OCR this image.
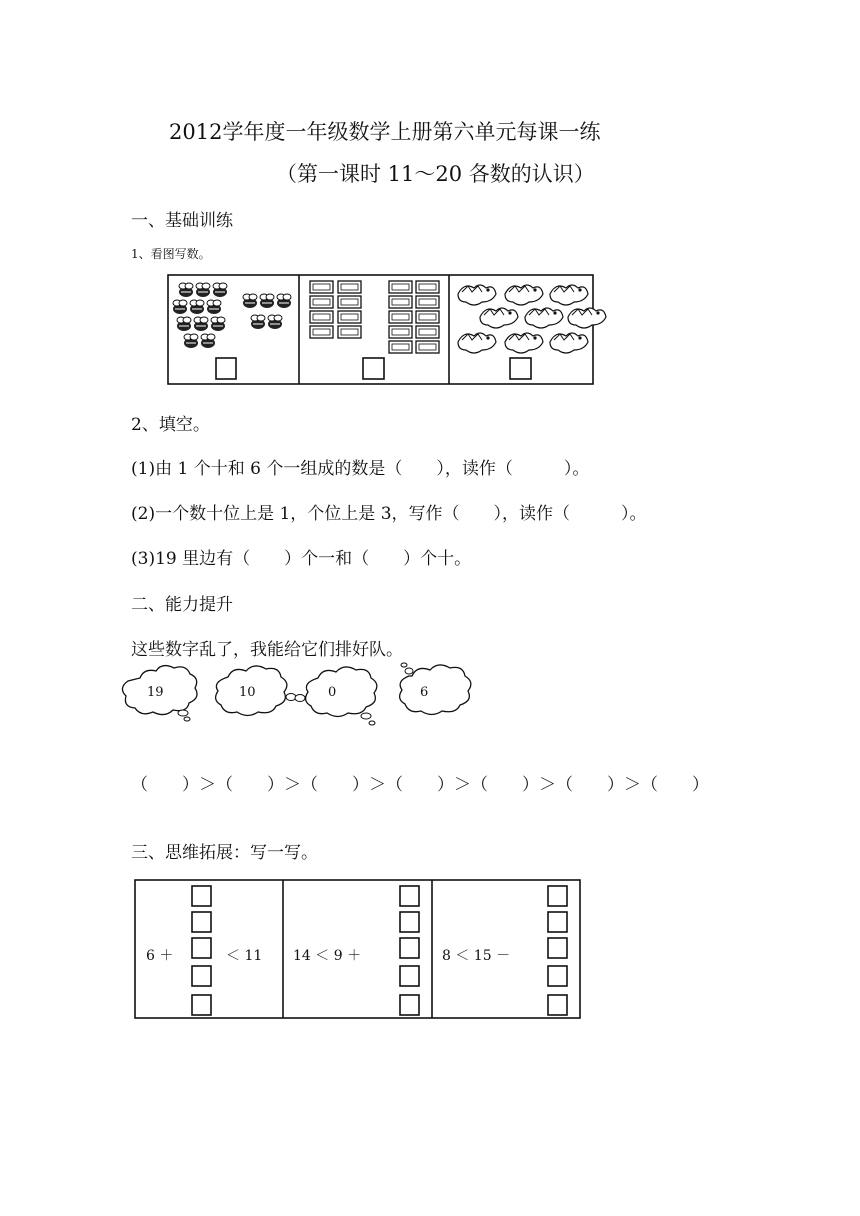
2012学年度一年级数学上册第六单元每课一练
（第一课时 11～20 各数的认识）
一、基础训练
1、看图写数。
2、填空。
(1)由 1 个十和 6 个一组成的数是（　　），读作（　　　）。
(2)一个数十位上是 1，个位上是 3，写作（　　），读作（　　　）。
(3)19 里边有（　　）个一和（　　）个十。
二、能力提升
这些数字乱了，我能给它们排好队。
19	10	0	6
（　　）＞（　　）＞（　　）＞（　　）＞（　　）＞（　　）＞（　　）
三、思维拓展：写一写。
6 ＋	＜ 11 14 ＜ 9 ＋	8 ＜ 15 －
